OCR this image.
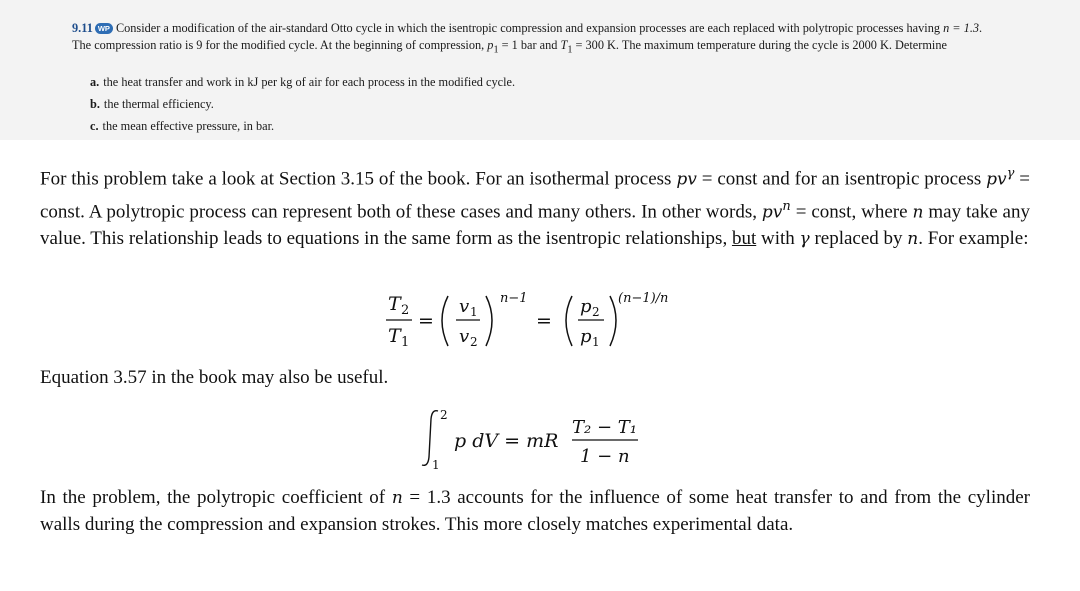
9.11 WP Consider a modification of the air-standard Otto cycle in which the isentropic compression and expansion processes are each replaced with polytropic processes having n = 1.3. The compression ratio is 9 for the modified cycle. At the beginning of compression, $p_1 = 1$ bar and $T_1 = 300$ K. The maximum temperature during the cycle is 2000 K. Determine
a. the heat transfer and work in kJ per kg of air for each process in the modified cycle.
b. the thermal efficiency.
c. the mean effective pressure, in bar.
For this problem take a look at Section 3.15 of the book. For an isothermal process pv = const and for an isentropic process $pv^\gamma$ = const. A polytropic process can represent both of these cases and many others. In other words, $pv^n$ = const, where n may take any value. This relationship leads to equations in the same form as the isentropic relationships, but with γ replaced by n. For example:
T 2
T 1
=
v 1
v 2
n−1
=
p 2
p 1
(n−1)/n
Equation 3.57 in the book may also be useful.
2
1
p dV = mR
T₂ − T₁
1 − n
In the problem, the polytropic coefficient of n = 1.3 accounts for the influence of some heat transfer to and from the cylinder walls during the compression and expansion strokes. This more closely matches experimental data.
